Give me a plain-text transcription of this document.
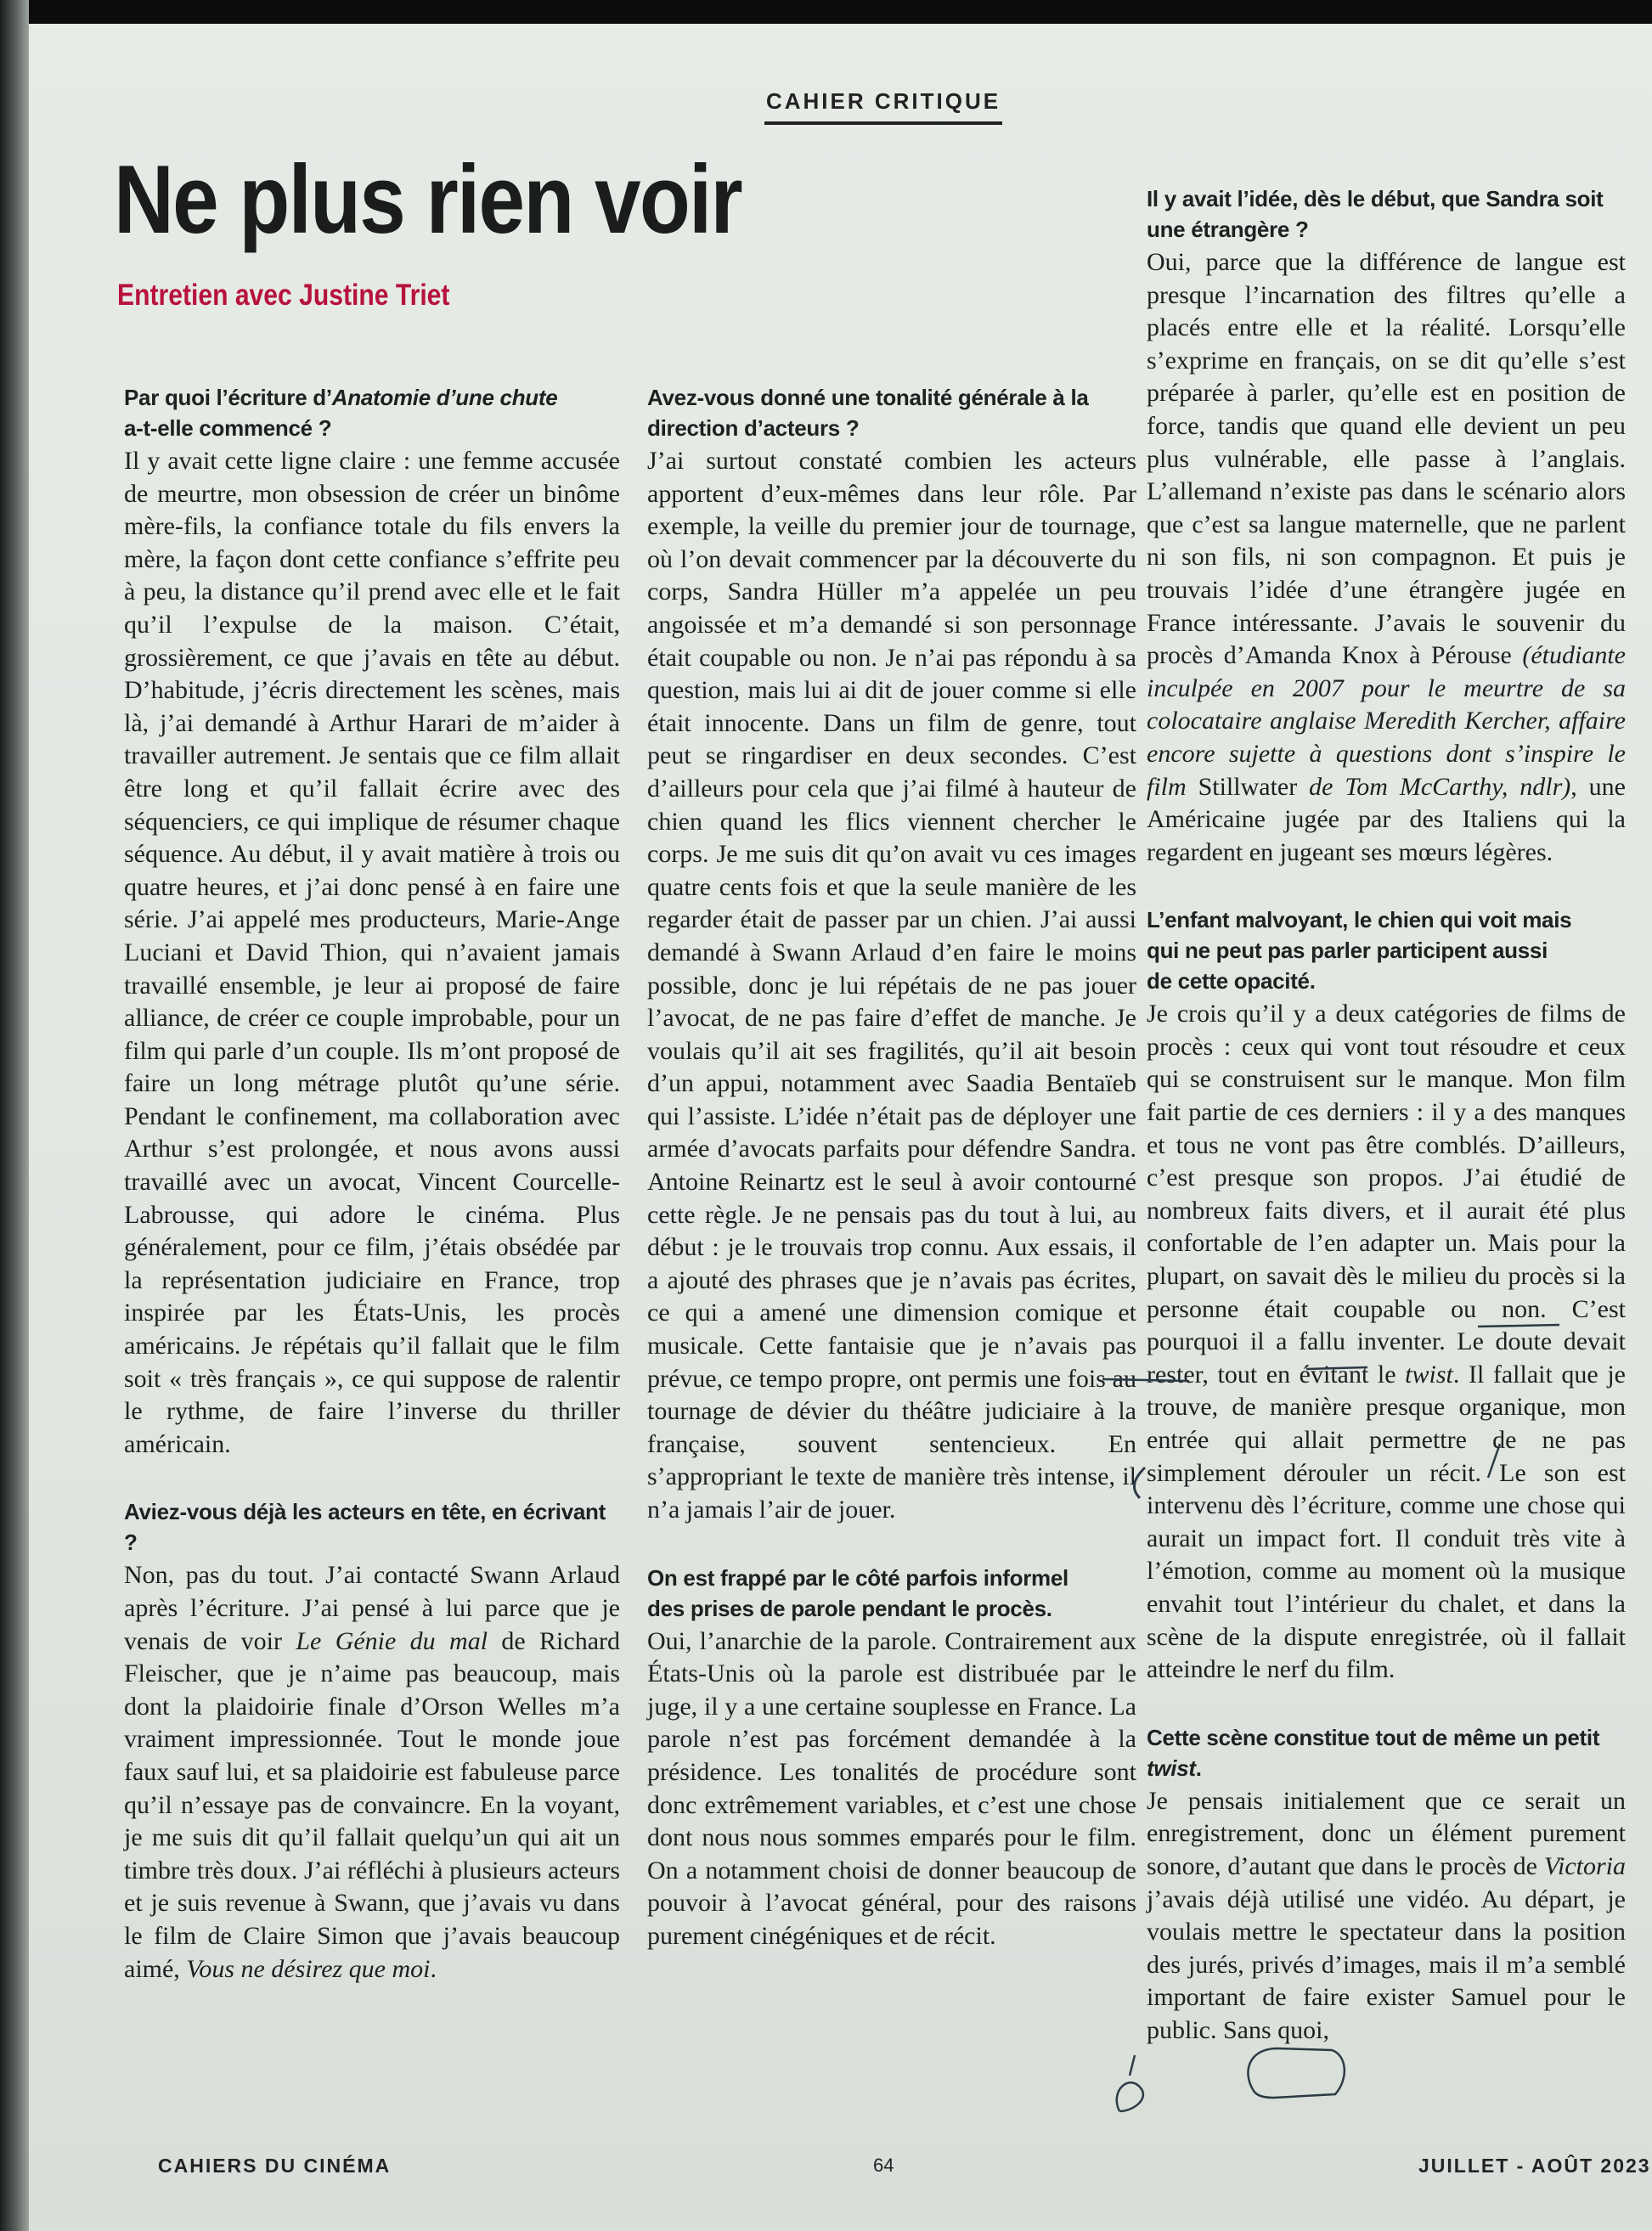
CAHIER CRITIQUE
Ne plus rien voir
Entretien avec Justine Triet

Par quoi l’écriture d’Anatomie d’une chute
a-t-elle commencé ?

Il y avait cette ligne claire : une femme accusée de meurtre, mon obsession de créer un binôme mère-fils, la confiance totale du fils envers la mère, la façon dont cette confiance s’effrite peu à peu, la distance qu’il prend avec elle et le fait qu’il l’expulse de la maison. C’était, grossièrement, ce que j’avais en tête au début. D’habitude, j’écris directement les scènes, mais là, j’ai demandé à Arthur Harari de m’aider à travailler autrement. Je sentais que ce film allait être long et qu’il fallait écrire avec des séquenciers, ce qui implique de résumer chaque séquence. Au début, il y avait matière à trois ou quatre heures, et j’ai donc pensé à en faire une série. J’ai appelé mes producteurs, Marie-Ange Luciani et David Thion, qui n’avaient jamais travaillé ensemble, je leur ai proposé de faire alliance, de créer ce couple improbable, pour un film qui parle d’un couple. Ils m’ont proposé de faire un long métrage plutôt qu’une série. Pendant le confinement, ma collaboration avec Arthur s’est prolongée, et nous avons aussi travaillé avec un avocat, Vincent Courcelle-Labrousse, qui adore le cinéma. Plus généralement, pour ce film, j’étais obsédée par la représentation judiciaire en France, trop inspirée par les États-Unis, les procès américains. Je répétais qu’il fallait que le film soit « très français », ce qui suppose de ralentir le rythme, de faire l’inverse du thriller américain.

Aviez-vous déjà les acteurs en tête, en écrivant ?

Non, pas du tout. J’ai contacté Swann Arlaud après l’écriture. J’ai pensé à lui parce que je venais de voir Le Génie du mal de Richard Fleischer, que je n’aime pas beaucoup, mais dont la plaidoirie finale d’Orson Welles m’a vraiment impressionnée. Tout le monde joue faux sauf lui, et sa plaidoirie est fabuleuse parce qu’il n’essaye pas de convaincre. En la voyant, je me suis dit qu’il fallait quelqu’un qui ait un timbre très doux. J’ai réfléchi à plusieurs acteurs et je suis revenue à Swann, que j’avais vu dans le film de Claire Simon que j’avais beaucoup aimé, Vous ne désirez que moi.

Avez-vous donné une tonalité générale à la direction d’acteurs ?

J’ai surtout constaté combien les acteurs apportent d’eux-mêmes dans leur rôle. Par exemple, la veille du premier jour de tournage, où l’on devait commencer par la découverte du corps, Sandra Hüller m’a appelée un peu angoissée et m’a demandé si son personnage était coupable ou non. Je n’ai pas répondu à sa question, mais lui ai dit de jouer comme si elle était innocente. Dans un film de genre, tout peut se ringardiser en deux secondes. C’est d’ailleurs pour cela que j’ai filmé à hauteur de chien quand les flics viennent chercher le corps. Je me suis dit qu’on avait vu ces images quatre cents fois et que la seule manière de les regarder était de passer par un chien. J’ai aussi demandé à Swann Arlaud d’en faire le moins possible, donc je lui répétais de ne pas jouer l’avocat, de ne pas faire d’effet de manche. Je voulais qu’il ait ses fragilités, qu’il ait besoin d’un appui, notamment avec Saadia Bentaïeb qui l’assiste. L’idée n’était pas de déployer une armée d’avocats parfaits pour défendre Sandra. Antoine Reinartz est le seul à avoir contourné cette règle. Je ne pensais pas du tout à lui, au début : je le trouvais trop connu. Aux essais, il a ajouté des phrases que je n’avais pas écrites, ce qui a amené une dimension comique et musicale. Cette fantaisie que je n’avais pas prévue, ce tempo propre, ont permis une fois au tournage de dévier du théâtre judiciaire à la française, souvent sentencieux. En s’appropriant le texte de manière très intense, il n’a jamais l’air de jouer.

On est frappé par le côté parfois informel
des prises de parole pendant le procès.

Oui, l’anarchie de la parole. Contrairement aux États-Unis où la parole est distribuée par le juge, il y a une certaine souplesse en France. La parole n’est pas forcément demandée à la présidence. Les tonalités de procédure sont donc extrêmement variables, et c’est une chose dont nous nous sommes emparés pour le film. On a notamment choisi de donner beaucoup de pouvoir à l’avocat général, pour des raisons purement cinégéniques et de récit.

Il y avait l’idée, dès le début, que Sandra soit une étrangère ?

Oui, parce que la différence de langue est presque l’incarnation des filtres qu’elle a placés entre elle et la réalité. Lorsqu’elle s’exprime en français, on se dit qu’elle s’est préparée à parler, qu’elle est en position de force, tandis que quand elle devient un peu plus vulnérable, elle passe à l’anglais. L’allemand n’existe pas dans le scénario alors que c’est sa langue maternelle, que ne parlent ni son fils, ni son compagnon. Et puis je trouvais l’idée d’une étrangère jugée en France intéressante. J’avais le souvenir du procès d’Amanda Knox à Pérouse (étudiante inculpée en 2007 pour le meurtre de sa colocataire anglaise Meredith Kercher, affaire encore sujette à questions dont s’inspire le film Stillwater de Tom McCarthy, ndlr), une Américaine jugée par des Italiens qui la regardent en jugeant ses mœurs légères.

L’enfant malvoyant, le chien qui voit mais
qui ne peut pas parler participent aussi
de cette opacité.

Je crois qu’il y a deux catégories de films de procès : ceux qui vont tout résoudre et ceux qui se construisent sur le manque. Mon film fait partie de ces derniers : il y a des manques et tous ne vont pas être comblés. D’ailleurs, c’est presque son propos. J’ai étudié de nombreux faits divers, et il aurait été plus confortable de l’en adapter un. Mais pour la plupart, on savait dès le milieu du procès si la personne était coupable ou non. C’est pourquoi il a fallu inventer. Le doute devait rester, tout en évitant le twist. Il fallait que je trouve, de manière presque organique, mon entrée qui allait permettre de ne pas simplement dérouler un récit. Le son est intervenu dès l’écriture, comme une chose qui aurait un impact fort. Il conduit très vite à l’émotion, comme au moment où la musique envahit tout l’intérieur du chalet, et dans la scène de la dispute enregistrée, où il fallait atteindre le nerf du film.

Cette scène constitue tout de même un petit
twist.

Je pensais initialement que ce serait un enregistrement, donc un élément purement sonore, d’autant que dans le procès de Victoria j’avais déjà utilisé une vidéo. Au départ, je voulais mettre le spectateur dans la position des jurés, privés d’images, mais il m’a semblé important de faire exister Samuel pour le public. Sans quoi,

CAHIERS DU CINÉMA	64	JUILLET - AOÛT 2023
